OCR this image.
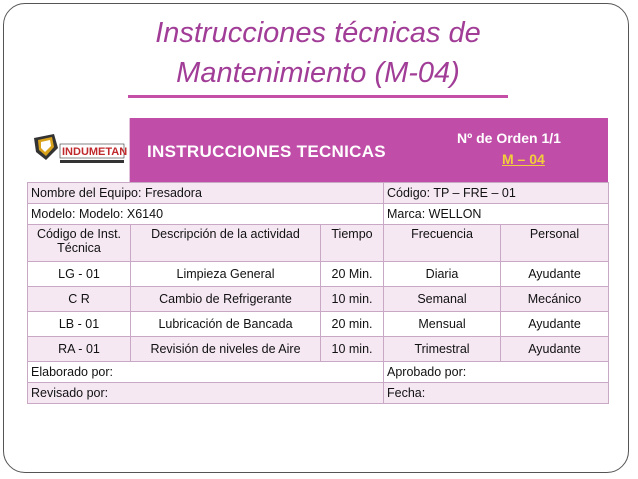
Instrucciones técnicas de
Mantenimiento (M-04)
INDUMETAN INSTRUCCIONES TECNICAS
Nº de Orden 1/1
M – 04
Nombre del Equipo: Fresadora			Código: TP – FRE – 01	
Modelo: Modelo: X6140			Marca: WELLON	
Código de Inst. Técnica	Descripción de la actividad	Tiempo	Frecuencia	Personal
LG - 01	Limpieza General	20 Min.	Diaria	Ayudante
C R	Cambio de Refrigerante	10 min.	Semanal	Mecánico
LB - 01	Lubricación de Bancada	20 min.	Mensual	Ayudante
RA - 01	Revisión de niveles de Aire	10 min.	Trimestral	Ayudante
Elaborado por:			Aprobado por:	
Revisado por:			Fecha:	
